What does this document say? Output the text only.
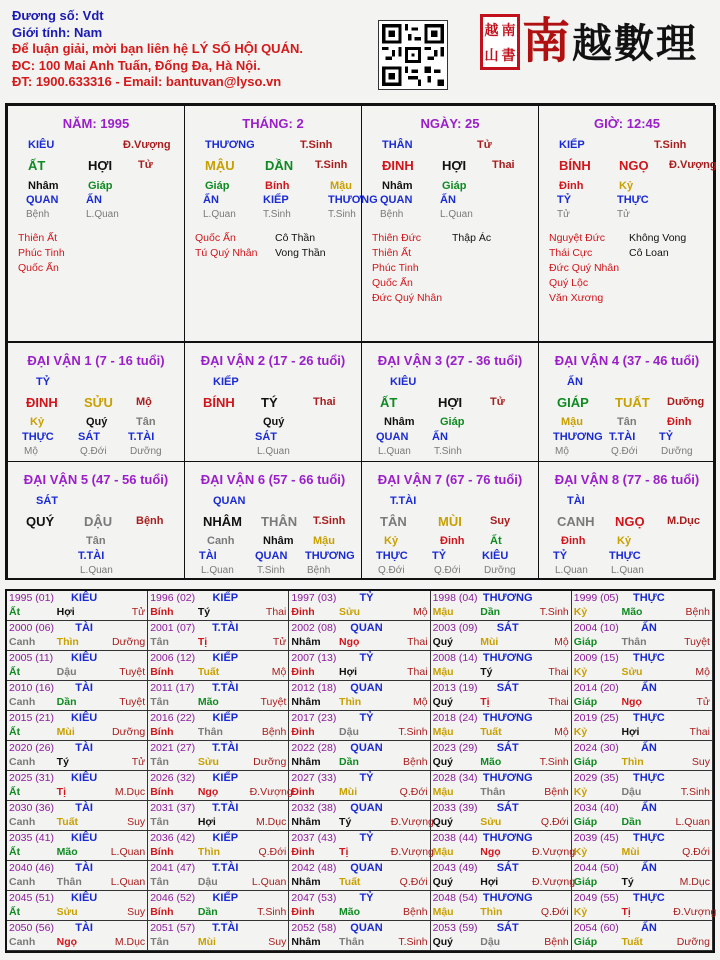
Đương số: Vdt
Giới tính: Nam
Để luận giải, mời bạn liên hệ LÝ SỐ HỘI QUÁN.
ĐC: 100 Mai Anh Tuấn, Đống Đa, Hà Nội.
ĐT: 1900.633316 - Email: bantuvan@lyso.vn
越 南
山 書 南越數理
NĂM: 1995
KIÊU	Đ.Vượng
ẤT	HỢI Tử
Nhâm
QUAN
Bệnh
Giáp
ẤN
L.Quan
Thiên Ất
Phúc Tinh
Quốc Ấn
THÁNG: 2
THƯƠNG	T.Sinh
MẬU DẦN T.Sinh
Giáp
ẤN
L.Quan
Bính
KIẾP
T.Sinh
Mậu
THƯƠNG
T.Sinh
Quốc Ấn
Tú Quý Nhân
Cô Thần
Vong Thần
NGÀY: 25
THÂN	Tử
ĐINH HỢI Thai
Nhâm
QUAN
Bệnh
Giáp
ẤN
L.Quan
Thiên Đức
Thiên Ất
Phúc Tinh
Quốc Ấn
Đức Quý Nhân
Thập Ác
GIỜ: 12:45
KIẾP	T.Sinh
BÍNH NGỌ Đ.Vượng
Đinh
TỶ
Tử
Kỷ
THỰC
Tử
Nguyệt Đức
Thái Cực
Đức Quý Nhân
Quý Lộc
Văn Xương
Không Vong
Cô Loan
ĐẠI VẬN 1 (7 - 16 tuổi)
TỶ
ĐINH SỬU Mộ
Kỷ
THỰC
Mộ
Quý
SÁT
Q.Đới
Tân
T.TÀI
Dưỡng
ĐẠI VẬN 2 (17 - 26 tuổi)
KIẾP
BÍNH TÝ	Thai
Quý
SÁT
L.Quan
ĐẠI VẬN 3 (27 - 36 tuổi)
KIÊU
ẤT	HỢI	Tử
Nhâm
QUAN
L.Quan
Giáp
ẤN
T.Sinh
ĐẠI VẬN 4 (37 - 46 tuổi)
ẤN
GIÁP TUẤT Dưỡng
Mậu
THƯƠNG
Mộ
Tân
T.TÀI
Q.Đới
Đinh
TỶ
Dưỡng
ĐẠI VẬN 5 (47 - 56 tuổi)
SÁT
QUÝ DẬU Bệnh
Tân
T.TÀI
L.Quan
ĐẠI VẬN 6 (57 - 66 tuổi)
QUAN
NHÂM THÂN T.Sinh
Canh
TÀI
L.Quan
Nhâm
QUAN
T.Sinh
Mậu
THƯƠNG
Bệnh
ĐẠI VẬN 7 (67 - 76 tuổi)
T.TÀI
TÂN MÙI	Suy
Kỷ
THỰC
Q.Đới
Đinh
TỶ
Q.Đới
Ất
KIÊU
Dưỡng
ĐẠI VẬN 8 (77 - 86 tuổi)
TÀI
CANH NGỌ M.Dục
Đinh
TỶ
L.Quan
Kỷ
THỰC
L.Quan
1995 (01)	KIÊU
Ất	Hợi	Tử
1996 (02)	KIẾP
Bính	Tý	Thai
1997 (03)	TỶ
Đinh	Sửu	Mộ
1998 (04) THƯƠNG
Mậu	Dần	T.Sinh
1999 (05)	THỰC
Kỷ	Mão	Bệnh
2000 (06)	TÀI
Canh	Thìn	Dưỡng
2001 (07)	T.TÀI
Tân	Tị	Tử
2002 (08)	QUAN
Nhâm	Ngọ	Thai
2003 (09)	SÁT
Quý	Mùi	Mộ
2004 (10)	ẤN
Giáp	Thân	Tuyệt
2005 (11)	KIÊU
Ất	Dậu	Tuyệt
2006 (12)	KIẾP
Bính	Tuất	Mộ
2007 (13)	TỶ
Đinh	Hợi	Thai
2008 (14) THƯƠNG
Mậu	Tý	Thai
2009 (15)	THỰC
Kỷ	Sửu	Mộ
2010 (16)	TÀI
Canh	Dần	Tuyệt
2011 (17)	T.TÀI
Tân	Mão	Tuyệt
2012 (18)	QUAN
Nhâm	Thìn	Mộ
2013 (19)	SÁT
Quý	Tị	Thai
2014 (20)	ẤN
Giáp	Ngọ	Tử
2015 (21)	KIÊU
Ất	Mùi	Dưỡng
2016 (22)	KIẾP
Bính	Thân	Bệnh
2017 (23)	TỶ
Đinh	Dậu	T.Sinh
2018 (24) THƯƠNG
Mậu	Tuất	Mộ
2019 (25)	THỰC
Kỷ	Hợi	Thai
2020 (26)	TÀI
Canh	Tý	Tử
2021 (27)	T.TÀI
Tân	Sửu	Dưỡng
2022 (28)	QUAN
Nhâm	Dần	Bệnh
2023 (29)	SÁT
Quý	Mão	T.Sinh
2024 (30)	ẤN
Giáp	Thìn	Suy
2025 (31)	KIÊU
Ất	Tị	M.Dục
2026 (32)	KIẾP
Bính	Ngọ	Đ.Vượng
2027 (33)	TỶ
Đinh	Mùi	Q.Đới
2028 (34) THƯƠNG
Mậu	Thân	Bệnh
2029 (35)	THỰC
Kỷ	Dậu	T.Sinh
2030 (36)	TÀI
Canh	Tuất	Suy
2031 (37)	T.TÀI
Tân	Hợi	M.Dục
2032 (38)	QUAN
Nhâm	Tý	Đ.Vượng
2033 (39)	SÁT
Quý	Sửu	Q.Đới
2034 (40)	ẤN
Giáp	Dần	L.Quan
2035 (41)	KIÊU
Ất	Mão	L.Quan
2036 (42)	KIẾP
Bính	Thìn	Q.Đới
2037 (43)	TỶ
Đinh	Tị	Đ.Vượng
2038 (44) THƯƠNG
Mậu	Ngọ	Đ.Vượng
2039 (45)	THỰC
Kỷ	Mùi	Q.Đới
2040 (46)	TÀI
Canh	Thân	L.Quan
2041 (47)	T.TÀI
Tân	Dậu	L.Quan
2042 (48)	QUAN
Nhâm	Tuất	Q.Đới
2043 (49)	SÁT
Quý	Hợi	Đ.Vượng
2044 (50)	ẤN
Giáp	Tý	M.Dục
2045 (51)	KIÊU
Ất	Sửu	Suy
2046 (52)	KIẾP
Bính	Dần	T.Sinh
2047 (53)	TỶ
Đinh	Mão	Bệnh
2048 (54) THƯƠNG
Mậu	Thìn	Q.Đới
2049 (55)	THỰC
Kỷ	Tị	Đ.Vượng
2050 (56)	TÀI
Canh	Ngọ	M.Dục
2051 (57)	T.TÀI
Tân	Mùi	Suy
2052 (58)	QUAN
Nhâm	Thân	T.Sinh
2053 (59)	SÁT
Quý	Dậu	Bệnh
2054 (60)	ẤN
Giáp	Tuất	Dưỡng
